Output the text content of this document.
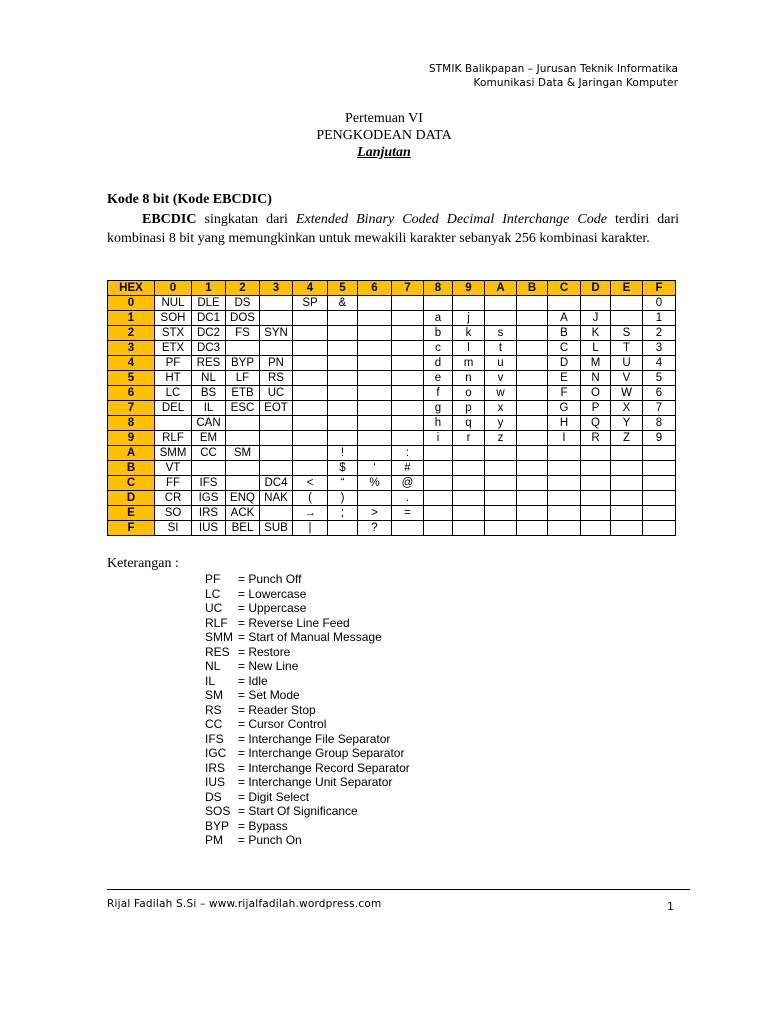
STMIK Balikpapan – Jurusan Teknik Informatika
Komunikasi Data & Jaringan Komputer
Pertemuan VI
PENGKODEAN DATA
Lanjutan
Kode 8 bit (Kode EBCDIC)

EBCDIC singkatan dari Extended Binary Coded Decimal Interchange Code terdiri dari kombinasi 8 bit yang memungkinkan untuk mewakili karakter sebanyak 256 kombinasi karakter.

HEX	0	1	2	3	4	5	6	7	8	9	A	B	C	D	E	F
0	NUL	DLE	DS		SP	&										0
1	SOH	DC1	DOS						a	j			A	J		1
2	STX	DC2	FS	SYN					b	k	s		B	K	S	2
3	ETX	DC3							c	l	t		C	L	T	3
4	PF	RES	BYP	PN					d	m	u		D	M	U	4
5	HT	NL	LF	RS					e	n	v		E	N	V	5
6	LC	BS	ETB	UC					f	o	w		F	O	W	6
7	DEL	IL	ESC	EOT					g	p	x		G	P	X	7
8		CAN							h	q	y		H	Q	Y	8
9	RLF	EM							i	r	z		I	R	Z	9
A	SMM	CC	SM			!		:								
B	VT					$	‘	#								
C	FF	IFS		DC4	<	“	%	@								
D	CR	IGS	ENQ	NAK	(	)		.								
E	SO	IRS	ACK		→	;	>	=								
F	SI	IUS	BEL	SUB	|		?									
Keterangan :
PF	= Punch Off
LC	= Lowercase
UC	= Uppercase
RLF = Reverse Line Feed
SMM = Start of Manual Message
RES = Restore
NL	= New Line
IL	= Idle
SM	= Set Mode
RS	= Reader Stop
CC	= Cursor Control
IFS	= Interchange File Separator
IGC = Interchange Group Separator
IRS	= Interchange Record Separator
IUS	= Interchange Unit Separator
DS	= Digit Select
SOS = Start Of Significance
BYP = Bypass
PM	= Punch On
Rijal Fadilah S.Si – www.rijalfadilah.wordpress.com	1
